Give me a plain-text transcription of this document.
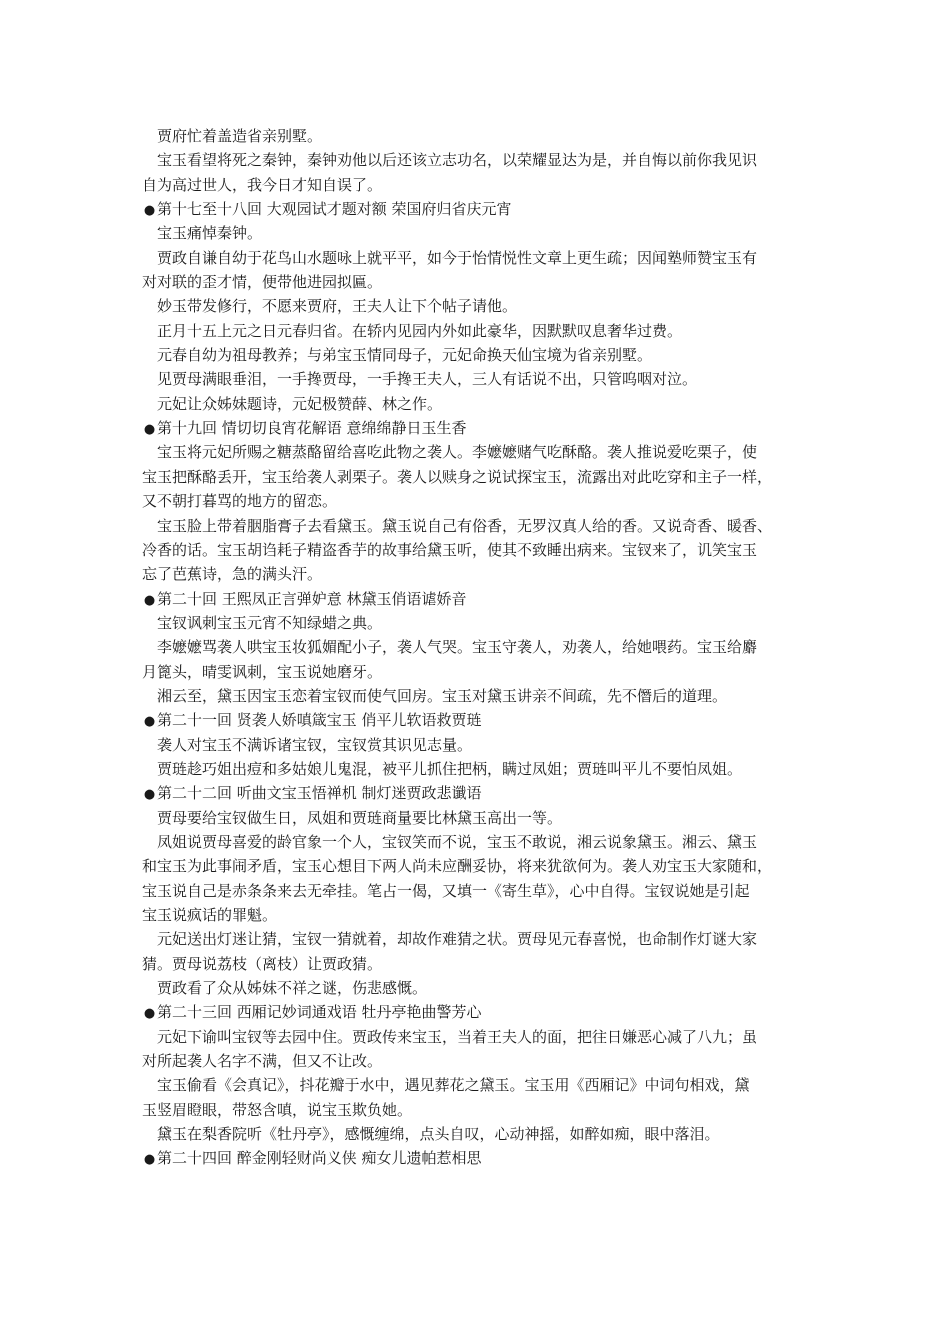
　贾府忙着盖造省亲别墅。
　宝玉看望将死之秦钟，秦钟劝他以后还该立志功名，以荣耀显达为是，并自悔以前你我见识
自为高过世人，我今日才知自误了。
● 第十七至十八回 大观园试才题对额 荣国府归省庆元宵
　宝玉痛悼秦钟。
　贾政自谦自幼于花鸟山水题咏上就平平，如今于怡情悦性文章上更生疏；因闻塾师赞宝玉有
对对联的歪才情，便带他进园拟匾。
　妙玉带发修行，不愿来贾府，王夫人让下个帖子请他。
　正月十五上元之日元春归省。在轿内见园内外如此豪华，因默默叹息奢华过费。
　元春自幼为祖母教养；与弟宝玉情同母子，元妃命换天仙宝境为省亲别墅。
　见贾母满眼垂泪，一手搀贾母，一手搀王夫人，三人有话说不出，只管呜咽对泣。
　元妃让众姊妹题诗，元妃极赞薛、林之作。
● 第十九回 情切切良宵花解语 意绵绵静日玉生香
　宝玉将元妃所赐之糖蒸酪留给喜吃此物之袭人。李嬷嬷赌气吃酥酪。袭人推说爱吃栗子，使
宝玉把酥酪丢开，宝玉给袭人剥栗子。袭人以赎身之说试探宝玉，流露出对此吃穿和主子一样，
又不朝打暮骂的地方的留恋。
　宝玉脸上带着胭脂膏子去看黛玉。黛玉说自己有俗香，无罗汉真人给的香。又说奇香、暖香、
冷香的话。宝玉胡诌耗子精盗香芋的故事给黛玉听，使其不致睡出病来。宝钗来了，讥笑宝玉
忘了芭蕉诗，急的满头汗。
● 第二十回 王熙凤正言弹妒意 林黛玉俏语谑娇音
　宝钗讽刺宝玉元宵不知绿蜡之典。
　李嬷嬷骂袭人哄宝玉妆狐媚配小子，袭人气哭。宝玉守袭人，劝袭人，给她喂药。宝玉给麝
月篦头，晴雯讽刺，宝玉说她磨牙。
　湘云至，黛玉因宝玉恋着宝钗而使气回房。宝玉对黛玉讲亲不间疏，先不僭后的道理。
● 第二十一回 贤袭人娇嗔箴宝玉 俏平儿软语救贾琏
　袭人对宝玉不满诉诸宝钗，宝钗赏其识见志量。
　贾琏趁巧姐出痘和多姑娘儿鬼混，被平儿抓住把柄，瞒过凤姐；贾琏叫平儿不要怕凤姐。
● 第二十二回 听曲文宝玉悟禅机 制灯迷贾政悲谶语
　贾母要给宝钗做生日，凤姐和贾琏商量要比林黛玉高出一等。
　凤姐说贾母喜爱的龄官象一个人，宝钗笑而不说，宝玉不敢说，湘云说象黛玉。湘云、黛玉
和宝玉为此事闹矛盾，宝玉心想目下两人尚未应酬妥协，将来犹欲何为。袭人劝宝玉大家随和，
宝玉说自己是赤条条来去无牵挂。笔占一偈，又填一《寄生草》，心中自得。宝钗说她是引起
宝玉说疯话的罪魁。
　元妃送出灯迷让猜，宝钗一猜就着，却故作难猜之状。贾母见元春喜悦，也命制作灯谜大家
猜。贾母说荔枝（离枝）让贾政猜。
　贾政看了众从姊妹不祥之谜，伤悲感慨。
● 第二十三回 西厢记妙词通戏语 牡丹亭艳曲警芳心
　元妃下谕叫宝钗等去园中住。贾政传来宝玉，当着王夫人的面，把往日嫌恶心减了八九；虽
对所起袭人名字不满，但又不让改。
　宝玉偷看《会真记》，抖花瓣于水中，遇见葬花之黛玉。宝玉用《西厢记》中词句相戏，黛
玉竖眉瞪眼，带怒含嗔，说宝玉欺负她。
　黛玉在梨香院听《牡丹亭》，感慨缠绵，点头自叹，心动神摇，如醉如痴，眼中落泪。
● 第二十四回 醉金刚轻财尚义侠 痴女儿遗帕惹相思
